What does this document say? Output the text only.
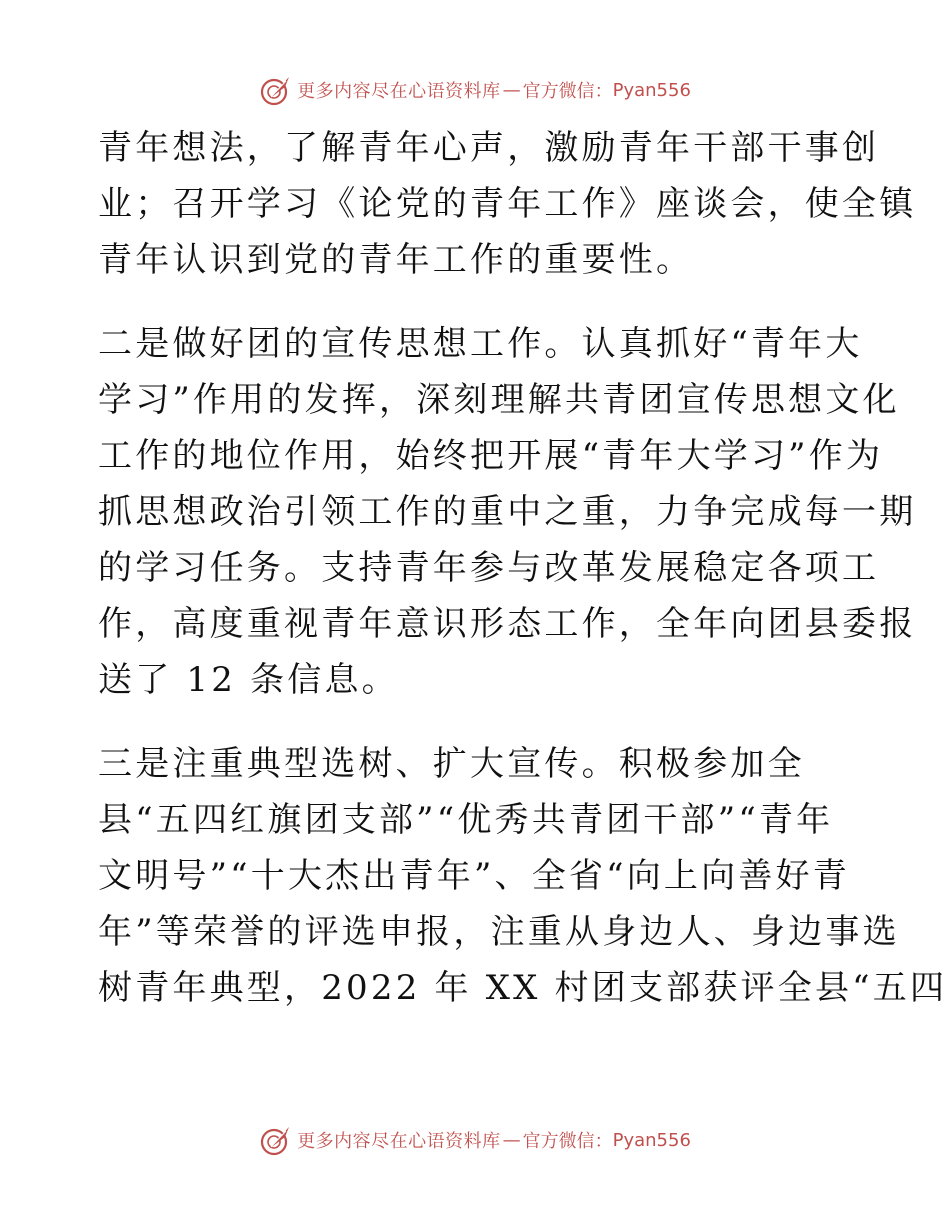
更多内容尽在心语资料库 — 官方微信： Pyan556
青年想法，了解青年心声，激励青年干部干事创
业；召开学习《论党的青年工作》座谈会，使全镇
青年认识到党的青年工作的重要性。
二是做好团的宣传思想工作。认真抓好“青年大
学习”作用的发挥，深刻理解共青团宣传思想文化
工作的地位作用，始终把开展“青年大学习”作为
抓思想政治引领工作的重中之重，力争完成每一期
的学习任务。支持青年参与改革发展稳定各项工
作，高度重视青年意识形态工作，全年向团县委报
送了 12 条信息。
三是注重典型选树、扩大宣传。积极参加全
县“五四红旗团支部”“优秀共青团干部”“青年
文明号”“十大杰出青年”、全省“向上向善好青
年”等荣誉的评选申报，注重从身边人、身边事选
树青年典型，2022 年 XX 村团支部获评全县“五四
更多内容尽在心语资料库 — 官方微信： Pyan556
